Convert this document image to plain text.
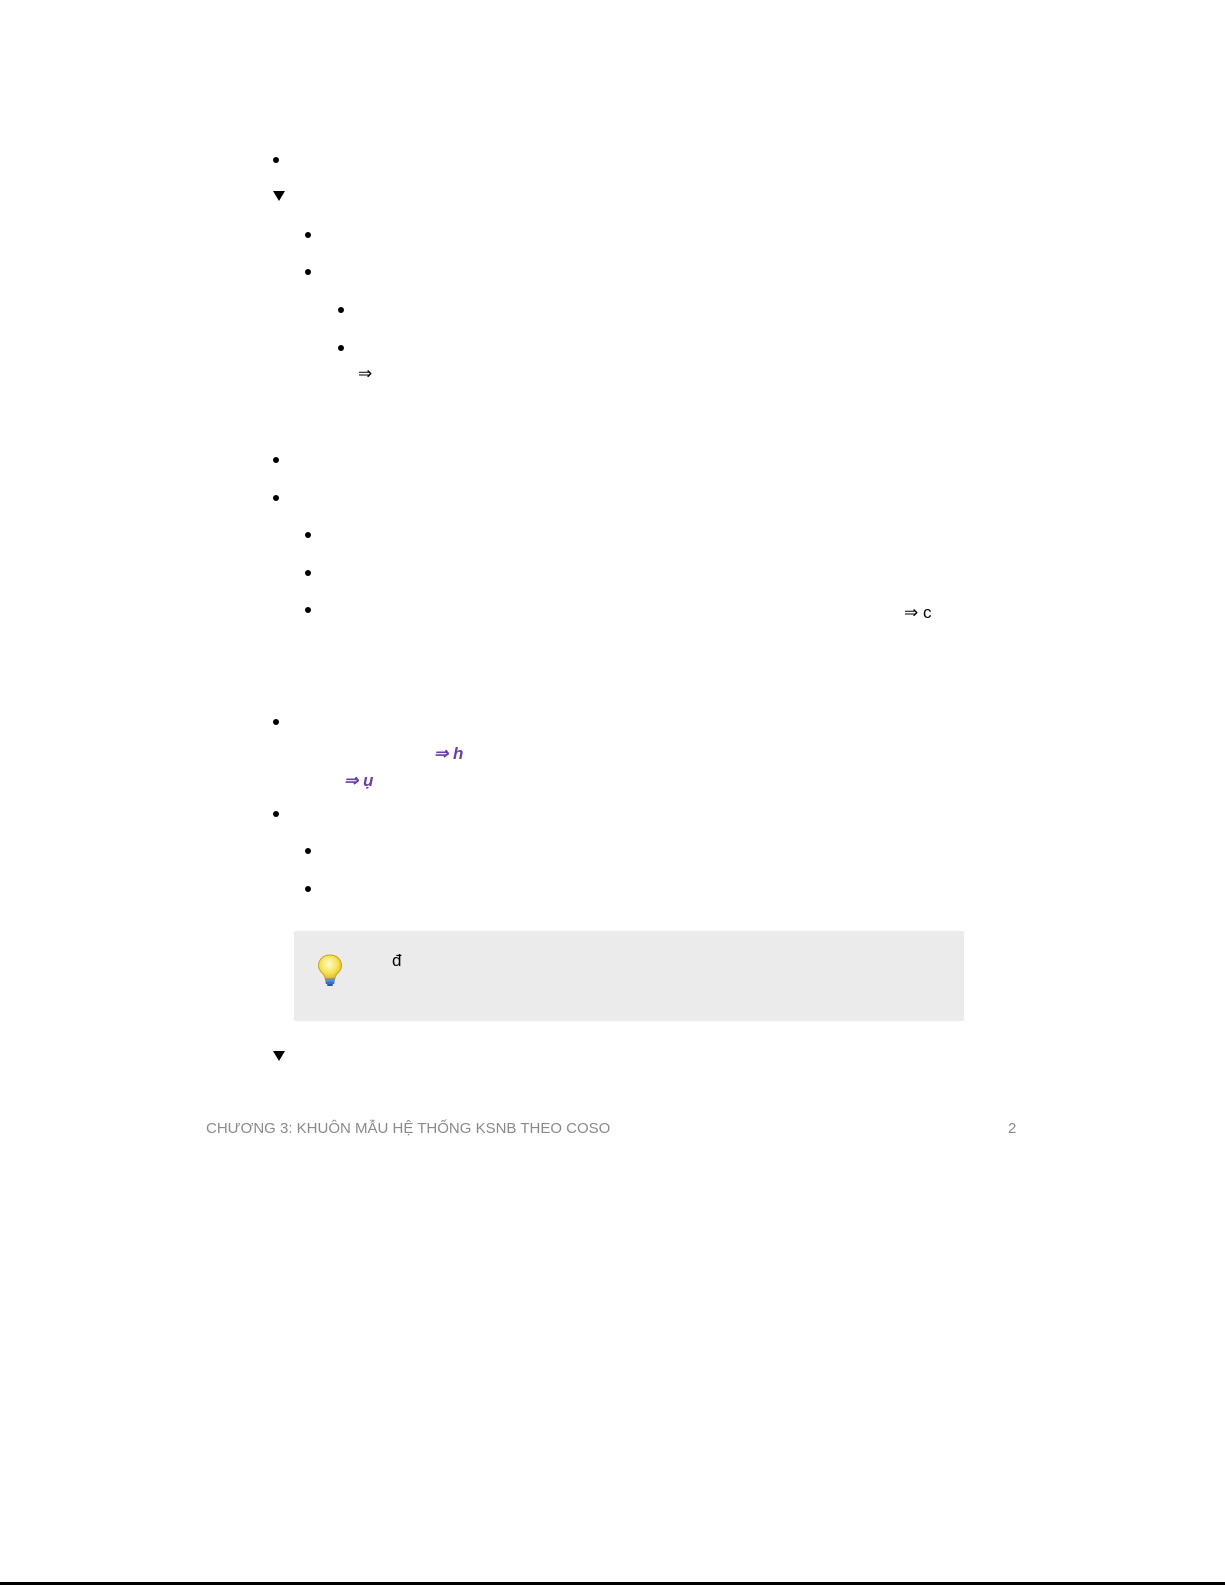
⇒
⇒ c
⇒ h
⇒ ụ
đ
CHƯƠNG 3: KHUÔN MẪU HỆ THỐNG KSNB THEO COSO	2
